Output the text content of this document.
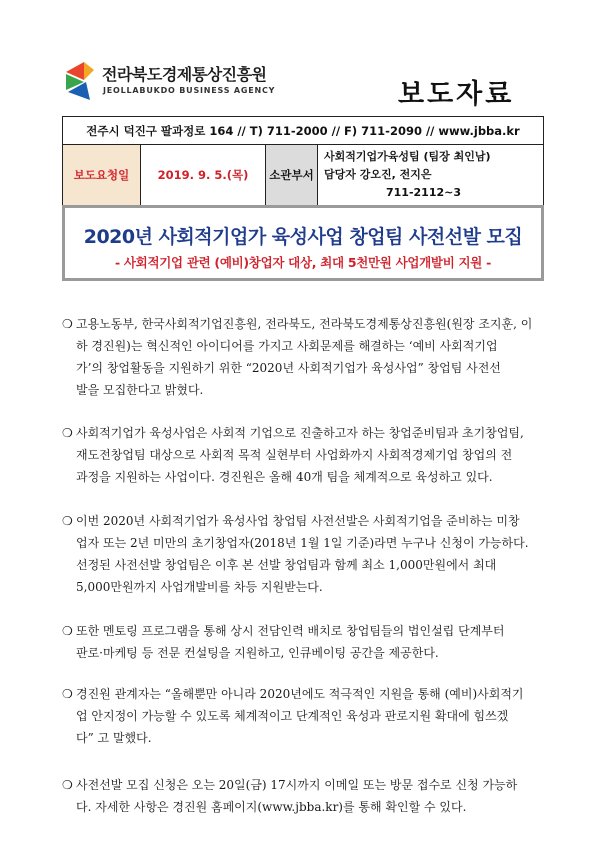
전라북도경제통상진흥원
JEOLLABUKDO BUSINESS AGENCY	보도자료
전주시 덕진구 팔과정로 164 // T) 711-2000 // F) 711-2090 // www.jbba.kr
보도요청일	2019. 9. 5.(목)	소관부서	
사회적기업가육성팀 (팀장 최인남)
담당자 강오진, 전지은
711-2112~3
2020년 사회적기업가 육성사업 창업팀 사전선발 모집
- 사회적기업 관련 (예비)창업자 대상, 최대 5천만원 사업개발비 지원 -
❍ 고용노동부, 한국사회적기업진흥원, 전라북도, 전라북도경제통상진흥원(원장 조지훈, 이
하 경진원)는 혁신적인 아이디어를 가지고 사회문제를 해결하는 ‘예비 사회적기업
가’의 창업활동을 지원하기 위한 “2020년 사회적기업가 육성사업” 창업팀 사전선
발을 모집한다고 밝혔다.
❍ 사회적기업가 육성사업은 사회적 기업으로 진출하고자 하는 창업준비팀과 초기창업팀,
재도전창업팀 대상으로 사회적 목적 실현부터 사업화까지 사회적경제기업 창업의 전
과정을 지원하는 사업이다. 경진원은 올해 40개 팀을 체계적으로 육성하고 있다.
❍ 이번 2020년 사회적기업가 육성사업 창업팀 사전선발은 사회적기업을 준비하는 미창
업자 또는 2년 미만의 초기창업자(2018년 1월 1일 기준)라면 누구나 신청이 가능하다.
선정된 사전선발 창업팀은 이후 본 선발 창업팀과 함께 최소 1,000만원에서 최대
5,000만원까지 사업개발비를 차등 지원받는다.
❍ 또한 멘토링 프로그램을 통해 상시 전담인력 배치로 창업팀들의 법인설립 단계부터
판로·마케팅 등 전문 컨설팅을 지원하고, 인큐베이팅 공간을 제공한다.
❍ 경진원 관계자는 “올해뿐만 아니라 2020년에도 적극적인 지원을 통해 (예비)사회적기
업 안지정이 가능할 수 있도록 체계적이고 단계적인 육성과 판로지원 확대에 힘쓰겠
다” 고 말했다.
❍ 사전선발 모집 신청은 오는 20일(금) 17시까지 이메일 또는 방문 접수로 신청 가능하
다. 자세한 사항은 경진원 홈페이지(www.jbba.kr)를 통해 확인할 수 있다.
